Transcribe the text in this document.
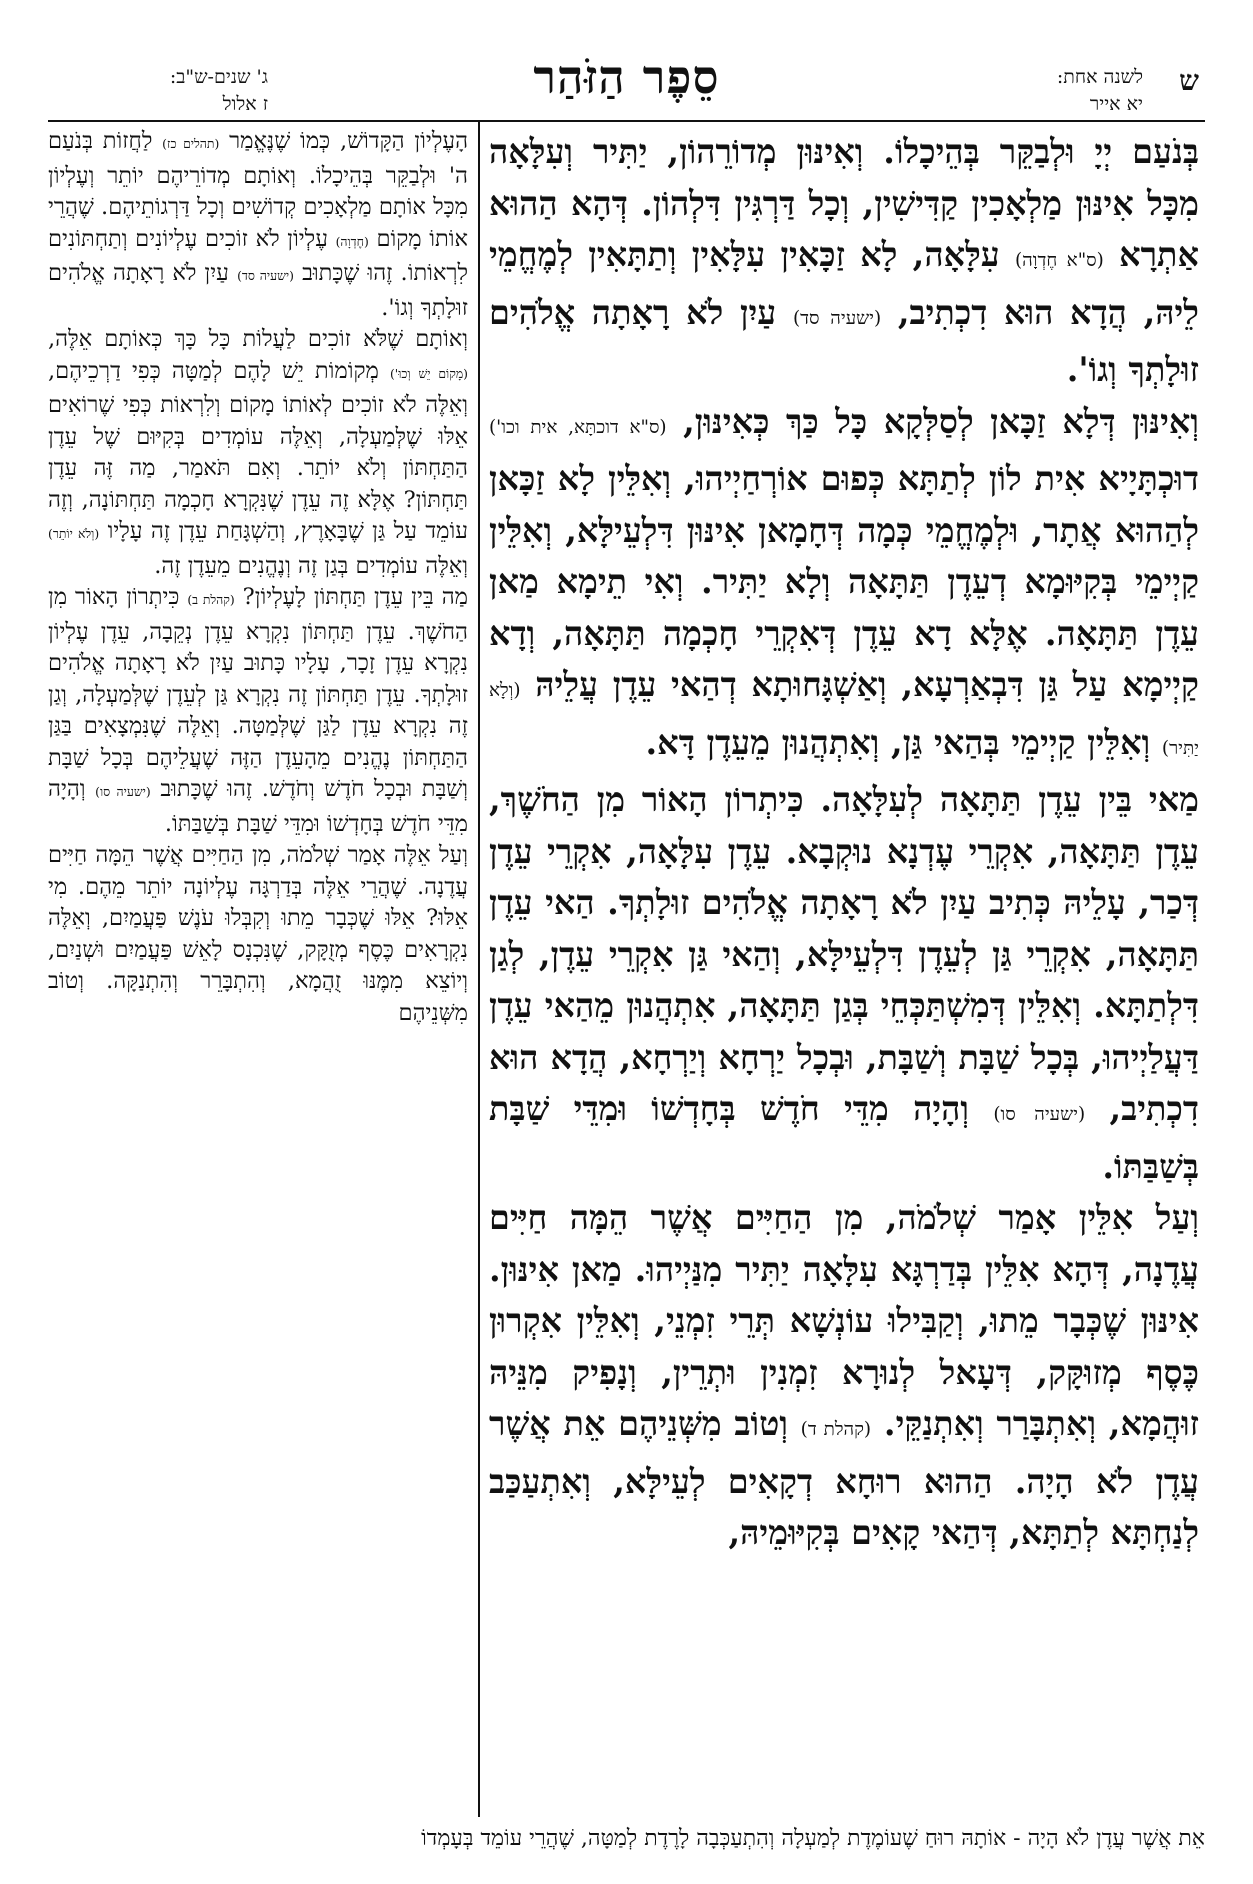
ש
לשנה אחת:
יא אייר
סֵפֶר הַזֹּהַר
ג' שנים-ש"ב:
ז אלול

בְּנֹעַם יְיָ וּלְבַקֵּר בְּהֵיכָלוֹ. וְאִינּוּן מְדוֹרֵהוֹן, יַתִּיר וְעִלָּאָה מִכָּל אִינּוּן מַלְאָכִין קַדִּישִׁין, וְכָל דַּרְגִּין דִּלְהוֹן. דְּהָא הַהוּא אַתְרָא (ס"א חֶדְוָה) עִלָּאָה, לָא זַכָּאִין עִלָּאִין וְתַתָּאִין לְמֶחֱמֵי לֵיהּ, הֲדָא הוּא דִכְתִיב, (ישעיה סד) עַיִן לֹא רָאָתָה אֱלֹהִים זוּלָתְךָ וְגוֹ'.

וְאִינּוּן דְּלָא זַכָּאן לְסַלְּקָא כָּל כַּךְ כְּאִינּוּן, (ס"א דוכתָּא, אית וכו') דוּכְתָּיָיא אִית לוֹן לְתַתָּא כְּפוּם אוֹרְחַיְיהוּ, וְאִלֵּין לָא זַכָּאן לְהַהוּא אֲתָר, וּלְמֶחֱמֵי כְּמָה דְּחָמָאן אִינּוּן דִּלְעֵילָּא, וְאִלֵּין קַיְימֵי בְּקִיּוּמָא דְעֵדֶן תַּתָּאָה וְלָא יַתִּיר. וְאִי תֵימָא מַאן עֵדֶן תַּתָּאָה. אֶלָּא דָא עֵדֶן דְּאִקְרֵי חָכְמָה תַּתָּאָה, וְדָא קַיְימָא עַל גַּן דִּבְאַרְעָא, וְאַשְׁגָּחוּתָא דְהַאי עֵדֶן עֲלֵיהּ (וְלָא יַתִּיר) וְאִלֵּין קַיְימֵי בְּהַאי גַּן, וְאִתְהֲנוּן מֵעֵדֶן דָּא.

מַאי בֵּין עֵדֶן תַּתָּאָה לְעִלָּאָה. כִּיתְרוֹן הָאוֹר מִן הַחֹשֶׁךְ, עֵדֶן תַּתָּאָה, אִקְרֵי עֶדְנָא נוּקְבָא. עֵדֶן עִלָּאָה, אִקְרֵי עֵדֶן דְּכַר, עָלֵיהּ כְּתִיב עַיִן לֹא רָאָתָה אֱלֹהִים זוּלָתְךָ. הַאי עֵדֶן תַּתָּאָה, אִקְרֵי גַּן לְעֵדֶן דִּלְעֵילָּא, וְהַאי גַּן אִקְרֵי עֵדֶן, לְגַן דִּלְתַתָּא. וְאִלֵּין דְּמִשְׁתַּכְּחֵי בְּגַן תַּתָּאָה, אִתְהֲנוּן מֵהַאי עֵדֶן דַּעֲלַיְיהוּ, בְּכָל שַׁבָּת וְשַׁבָּת, וּבְכָל יַרְחָא וְיַרְחָא, הֲדָא הוּא דִכְתִיב, (ישעיה סו) וְהָיָה מִדֵּי חֹדֶשׁ בְּחָדְשׁוֹ וּמִדֵּי שַׁבָּת בְּשַׁבַּתּוֹ.

וְעַל אִלֵּין אָמַר שְׁלֹמֹה, מִן הַחַיִּים אֲשֶׁר הֵמָּה חַיִּים עֲדֶנָה, דְּהָא אִלֵּין בְּדַרְגָּא עִלָּאָה יַתִּיר מִנַּיְיהוּ. מַאן אִינּוּן. אִינּוּן שֶׁכְּבָר מֵתוּ, וְקַבִּילוּ עוֹנְשָׁא תְּרֵי זִמְנֵי, וְאִלֵּין אִקְרוּן כֶּסֶף מְזוּקָּק, דְּעָאל לְנוּרָא זִמְנִין וּתְרֵין, וְנָפִיק מִנֵּיהּ זוּהֲמָא, וְאִתְבָּרַר וְאִתְנַקֵּי. (קהלת ד) וְטוֹב מִשְּׁנֵיהֶם אֵת אֲשֶׁר עֲדֶן לֹא הָיָה. הַהוּא רוּחָא דְקָאִים לְעֵילָּא, וְאִתְעַכַּב לְנַחְתָּא לְתַתָּא, דְּהַאי קָאִים בְּקִיּוּמֵיהּ,

הָעֶלְיוֹן הַקָּדוֹשׁ, כְּמוֹ שֶׁנֶּאֱמַר (תהלים כז) לַחֲזוֹת בְּנֹעַם ה' וּלְבַקֵּר בְּהֵיכָלוֹ. וְאוֹתָם מְדוֹרֵיהֶם יוֹתֵר וְעֶלְיוֹן מִכָּל אוֹתָם מַלְאָכִים קְדוֹשִׁים וְכָל דַּרְגוֹתֵיהֶם. שֶׁהֲרֵי אוֹתוֹ מָקוֹם (חֶדְוָה) עֶלְיוֹן לֹא זוֹכִים עֶלְיוֹנִים וְתַחְתּוֹנִים לִרְאוֹתוֹ. זֶהוּ שֶׁכָּתוּב (ישעיה סד) עַיִן לֹא רָאָתָה אֱלֹהִים זוּלָתְךָ וְגוֹ'.

וְאוֹתָם שֶׁלֹּא זוֹכִים לַעֲלוֹת כָּל כָּךְ כְּאוֹתָם אֵלֶּה, (מָקוֹם יֵשׁ וְכוּ') מְקוֹמוֹת יֵשׁ לָהֶם לְמַטָּה כְּפִי דַרְכֵיהֶם, וְאֵלֶּה לֹא זוֹכִים לְאוֹתוֹ מָקוֹם וְלִרְאוֹת כְּפִי שֶׁרוֹאִים אֵלּוּ שֶׁלְּמַעְלָה, וְאֵלֶּה עוֹמְדִים בְּקִיּוּם שֶׁל עֵדֶן הַתַּחְתּוֹן וְלֹא יוֹתֵר. וְאִם תֹּאמַר, מַה זֶּה עֵדֶן תַּחְתּוֹן? אֶלָּא זֶה עֵדֶן שֶׁנִּקְרָא חָכְמָה תַּחְתּוֹנָה, וְזֶה עוֹמֵד עַל גַּן שֶׁבָּאָרֶץ, וְהַשְׁגָּחַת עֵדֶן זֶה עָלָיו (וְלֹא יוֹתֵר) וְאֵלֶּה עוֹמְדִים בְּגַן זֶה וְנֶהֱנִים מֵעֵדֶן זֶה.

מַה בֵּין עֵדֶן תַּחְתּוֹן לָעֶלְיוֹן? (קהלת ב) כִּיתְרוֹן הָאוֹר מִן הַחֹשֶׁךְ. עֵדֶן תַּחְתּוֹן נִקְרָא עֵדֶן נְקֵבָה, עֵדֶן עֶלְיוֹן נִקְרָא עֵדֶן זָכָר, עָלָיו כָּתוּב עַיִן לֹא רָאָתָה אֱלֹהִים זוּלָתְךָ. עֵדֶן תַּחְתּוֹן זֶה נִקְרָא גַּן לְעֵדֶן שֶׁלְּמַעְלָה, וְגַן זֶה נִקְרָא עֵדֶן לַגַּן שֶׁלְּמַטָּה. וְאֵלֶּה שֶׁנִּמְצָאִים בַּגַּן הַתַּחְתּוֹן נֶהֱנִים מֵהָעֵדֶן הַזֶּה שֶׁעֲלֵיהֶם בְּכָל שַׁבָּת וְשַׁבָּת וּבְכָל חֹדֶשׁ וְחֹדֶשׁ. זֶהוּ שֶׁכָּתוּב (ישעיה סו) וְהָיָה מִדֵּי חֹדֶשׁ בְּחָדְשׁוֹ וּמִדֵּי שַׁבָּת בְּשַׁבַּתּוֹ.

וְעַל אֵלֶּה אָמַר שְׁלֹמֹה, מִן הַחַיִּים אֲשֶׁר הֵמָּה חַיִּים עֲדֶנָה. שֶׁהֲרֵי אֵלֶּה בְּדַרְגָּה עֶלְיוֹנָה יוֹתֵר מֵהֶם. מִי אֵלּוּ? אֵלּוּ שֶׁכְּבָר מֵתוּ וְקִבְּלוּ עֹנֶשׁ פַּעֲמַיִם, וְאֵלֶּה נִקְרָאִים כֶּסֶף מְזֻקָּק, שֶׁנִּכְנָס לָאֵשׁ פַּעֲמַיִם וּשְׁנַיִם, וְיוֹצֵא מִמֶּנּוּ זֻהֲמָא, וְהִתְבָּרֵר וְהִתְנַקָּה. וְטוֹב מִשְּׁנֵיהֶם

אֵת אֲשֶׁר עֲדֶן לֹא הָיָה - אוֹתָהּ רוּחַ שֶׁעוֹמֶדֶת לְמַעְלָה וְהִתְעַכְּבָה לָרֶדֶת לְמַטָּה, שֶׁהֲרֵי עוֹמֵד בְּעָמְדוֹ
